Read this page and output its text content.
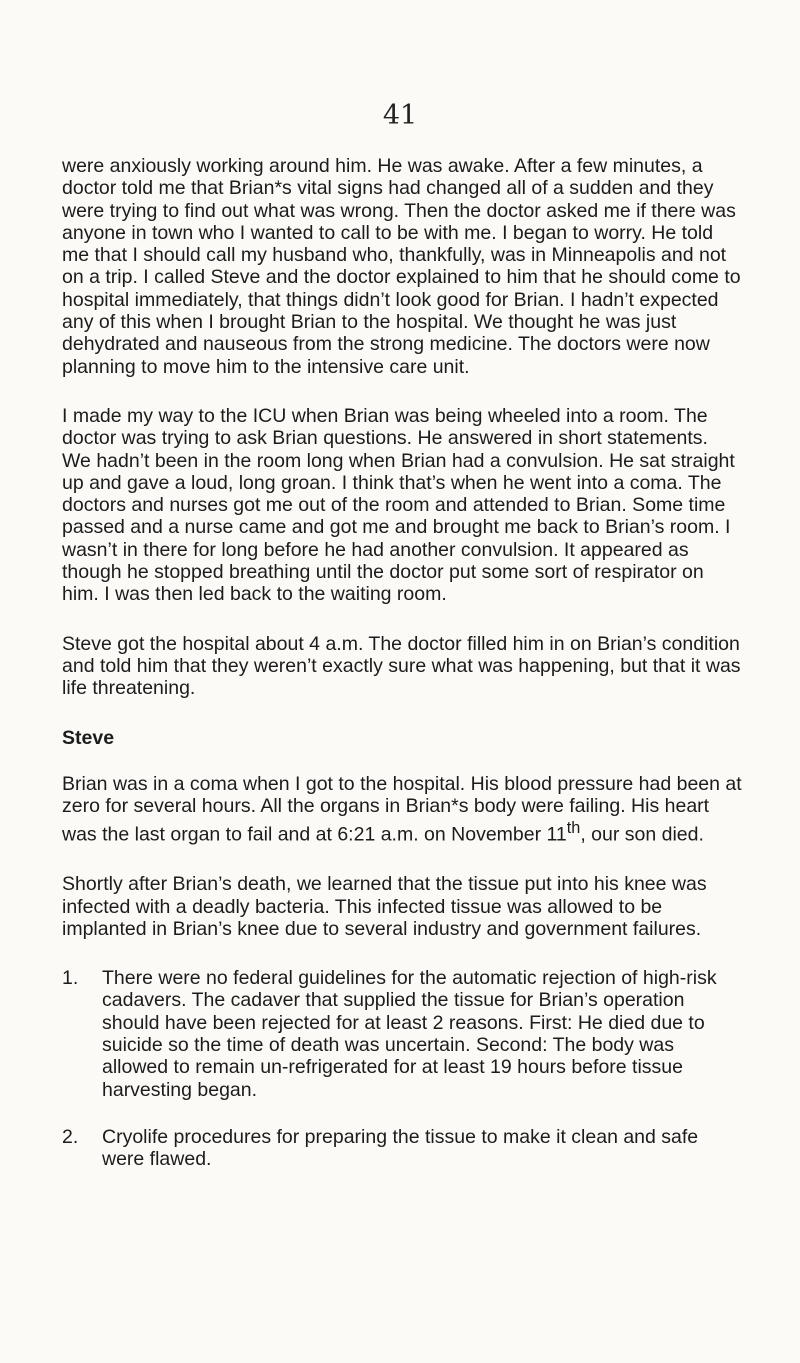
41

were anxiously working around him. He was awake. After a few minutes, a doctor told me that Brian*s vital signs had changed all of a sudden and they were trying to find out what was wrong. Then the doctor asked me if there was anyone in town who I wanted to call to be with me. I began to worry. He told me that I should call my husband who, thankfully, was in Minneapolis and not on a trip. I called Steve and the doctor explained to him that he should come to hospital immediately, that things didn’t look good for Brian. I hadn’t expected any of this when I brought Brian to the hospital. We thought he was just dehydrated and nauseous from the strong medicine. The doctors were now planning to move him to the intensive care unit.

I made my way to the ICU when Brian was being wheeled into a room. The doctor was trying to ask Brian questions. He answered in short statements. We hadn’t been in the room long when Brian had a convulsion. He sat straight up and gave a loud, long groan. I think that’s when he went into a coma. The doctors and nurses got me out of the room and attended to Brian. Some time passed and a nurse came and got me and brought me back to Brian’s room. I wasn’t in there for long before he had another convulsion. It appeared as though he stopped breathing until the doctor put some sort of respirator on him. I was then led back to the waiting room.

Steve got the hospital about 4 a.m. The doctor filled him in on Brian’s condition and told him that they weren’t exactly sure what was happening, but that it was life threatening.

Steve

Brian was in a coma when I got to the hospital. His blood pressure had been at zero for several hours. All the organs in Brian*s body were failing. His heart was the last organ to fail and at 6:21 a.m. on November 11th, our son died.

Shortly after Brian’s death, we learned that the tissue put into his knee was infected with a deadly bacteria. This infected tissue was allowed to be implanted in Brian’s knee due to several industry and government failures.

1. There were no federal guidelines for the automatic rejection of high-risk cadavers. The cadaver that supplied the tissue for Brian’s operation should have been rejected for at least 2 reasons. First: He died due to suicide so the time of death was uncertain. Second: The body was allowed to remain un-refrigerated for at least 19 hours before tissue harvesting began.
2. Cryolife procedures for preparing the tissue to make it clean and safe were flawed.
